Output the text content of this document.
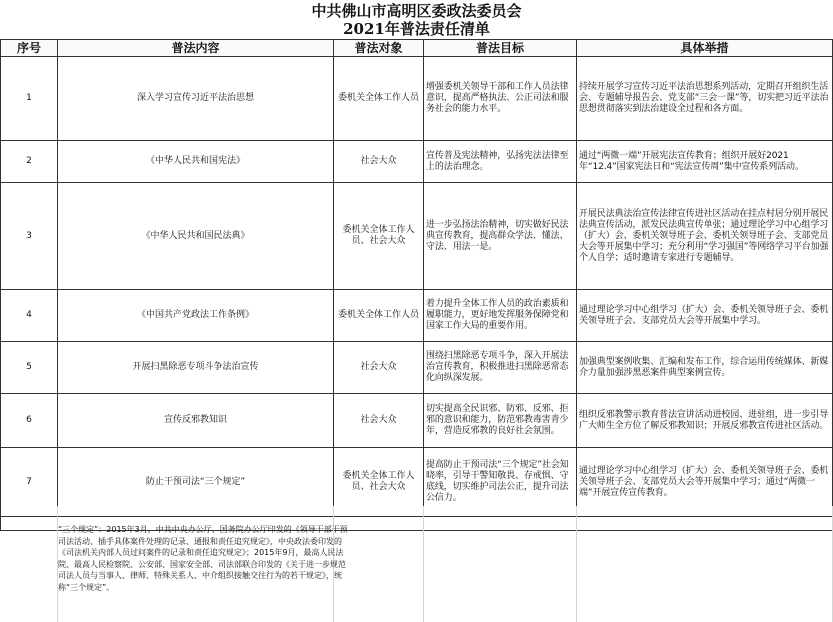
中共佛山市高明区委政法委员会
2021年普法责任清单
序号	普法内容	普法对象	普法目标	具体举措
1	深入学习宣传习近平法治思想	委机关全体工作人员	增强委机关领导干部和工作人员法律意识，提高严格执法、公正司法和服务社会的能力水平。	持续开展学习宣传习近平法治思想系列活动，定期召开组织生活会、专题辅导报告会、党支部“三会一课”等，切实把习近平法治思想贯彻落实到法治建设全过程和各方面。
2	《中华人民共和国宪法》	社会大众	宣传普及宪法精神，弘扬宪法法律至上的法治理念。	通过“两微一端”开展宪法宣传教育；组织开展好2021年“12.4”国家宪法日和“宪法宣传周”集中宣传系列活动。
3	《中华人民共和国民法典》	委机关全体工作人员、社会大众	进一步弘扬法治精神，切实做好民法典宣传教育，提高群众学法、懂法、守法、用法一是。	开展民法典法治宣传法律宣传进社区活动在挂点村居分别开展民法典宣传活动，派发民法典宣传单张；通过理论学习中心组学习（扩大）会、委机关领导班子会、委机关领导班子会、支部党员大会等开展集中学习；充分利用“学习强国”等网络学习平台加强个人自学；适时邀请专家进行专题辅导。
4	《中国共产党政法工作条例》	委机关全体工作人员	着力提升全体工作人员的政治素质和履职能力，更好地发挥服务保障党和国家工作大局的重要作用。	通过理论学习中心组学习（扩大）会、委机关领导班子会、委机关领导班子会、支部党员大会等开展集中学习。
5	开展扫黑除恶专项斗争法治宣传	社会大众	围绕扫黑除恶专项斗争，深入开展法治宣传教育，积极推进扫黑除恶常态化向纵深发展。	加强典型案例收集、汇编和发布工作，综合运用传统媒体、新媒介力量加强涉黑恶案件典型案例宣传。
6	宣传反邪教知识	社会大众	切实提高全民识邪、防邪、反邪、拒邪的意识和能力，防范邪教毒害青少年，营造反邪教的良好社会氛围。	组织反邪教警示教育普法宣讲活动进校园、进驻组，进一步引导广大师生全方位了解反邪教知识；开展反邪教宣传进社区活动。
7	防止干预司法“三个规定”	委机关全体工作人员、社会大众	提高防止干预司法“三个规定”社会知晓率，引导干警知敬畏、存戒惧、守底线，切实维护司法公正，提升司法公信力。	通过理论学习中心组学习（扩大）会、委机关领导班子会、委机关领导班子会、支部党员大会等开展集中学习；通过“两微一端”开展宣传宣传教育。

“三个规定”：2015年3月，中共中央办公厅、国务院办公厅印发的《领导干部干预司法活动、插手具体案件处理的记录、通报和责任追究规定》，中央政法委印发的《司法机关内部人员过问案件的记录和责任追究规定》；2015年9月，最高人民法院、最高人民检察院、公安部、国家安全部、司法部联合印发的《关于进一步规范司法人员与当事人、律师、特殊关系人、中介组织接触交往行为的若干规定》，统称“三个规定”。
